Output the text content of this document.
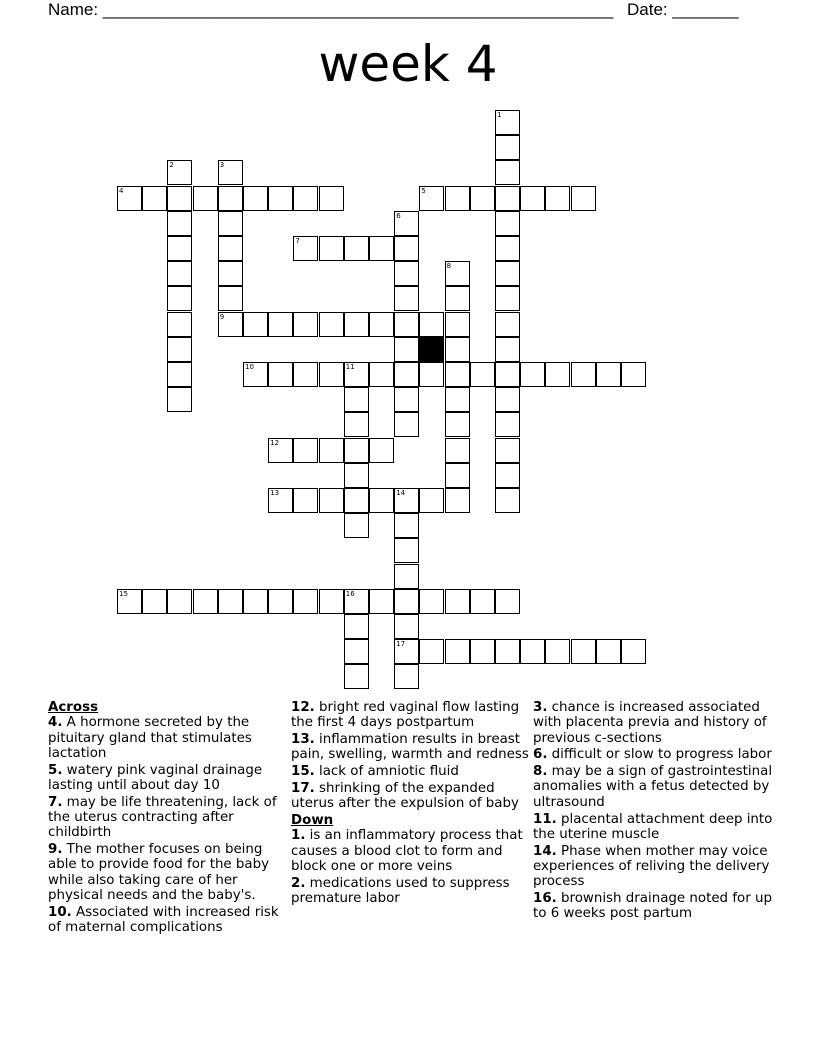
Name: ______________________________________________________ Date: _______
week 4
1
2	3
9
4	5
6
7
8
10	11
12
13	14
17
15	16
Across
4. A hormone secreted by the pituitary gland that stimulates lactation
5. watery pink vaginal drainage lasting until about day 10
7. may be life threatening, lack of the uterus contracting after childbirth
9. The mother focuses on being able to provide food for the baby while also taking care of her physical needs and the baby's.
10. Associated with increased risk of maternal complications
12. bright red vaginal flow lasting the first 4 days postpartum
13. inflammation results in breast pain, swelling, warmth and redness
15. lack of amniotic fluid
17. shrinking of the expanded uterus after the expulsion of baby
Down
1. is an inflammatory process that causes a blood clot to form and block one or more veins
2. medications used to suppress premature labor
3. chance is increased associated with placenta previa and history of previous c-sections
6. difficult or slow to progress labor
8. may be a sign of gastrointestinal anomalies with a fetus detected by ultrasound
11. placental attachment deep into the uterine muscle
14. Phase when mother may voice experiences of reliving the delivery process
16. brownish drainage noted for up to 6 weeks post partum
